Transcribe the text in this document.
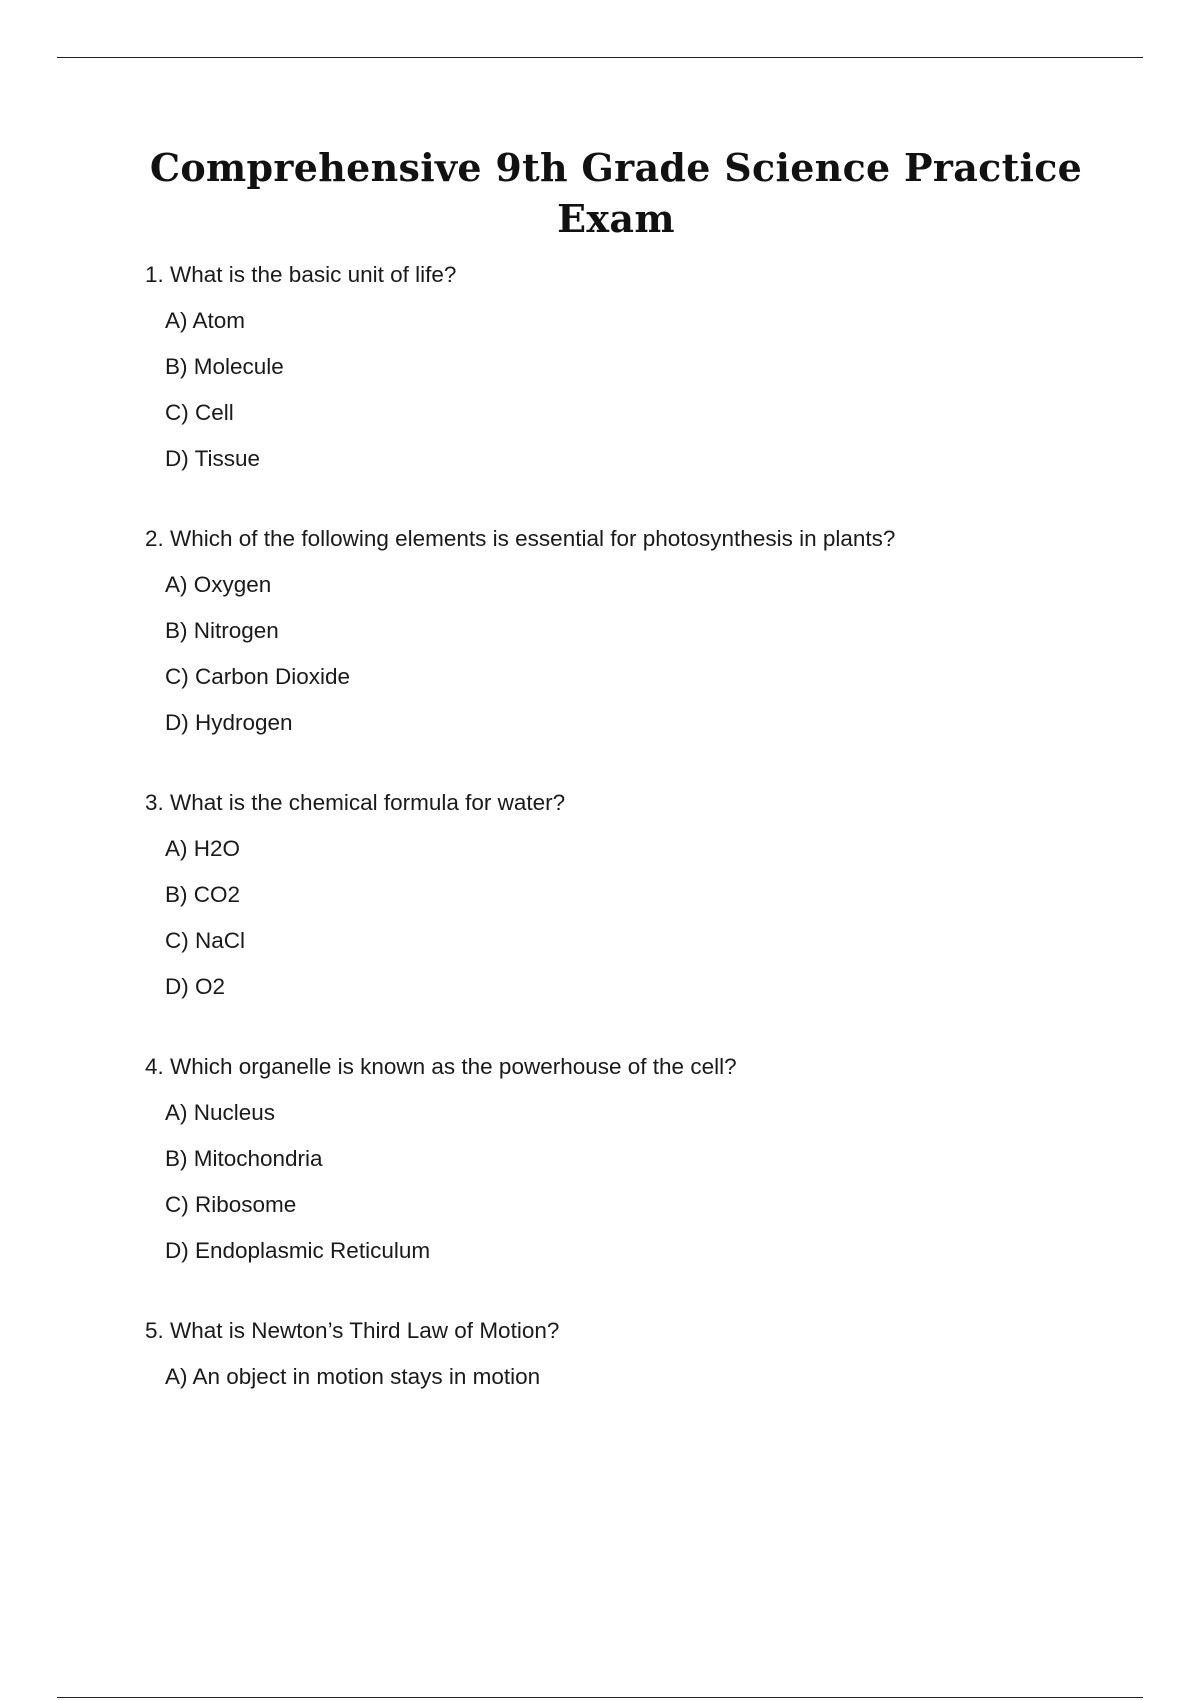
Comprehensive 9th Grade Science Practice
Exam
1. What is the basic unit of life?
A) Atom
B) Molecule
C) Cell
D) Tissue
2. Which of the following elements is essential for photosynthesis in plants?
A) Oxygen
B) Nitrogen
C) Carbon Dioxide
D) Hydrogen
3. What is the chemical formula for water?
A) H2O
B) CO2
C) NaCl
D) O2
4. Which organelle is known as the powerhouse of the cell?
A) Nucleus
B) Mitochondria
C) Ribosome
D) Endoplasmic Reticulum
5. What is Newton’s Third Law of Motion?
A) An object in motion stays in motion
